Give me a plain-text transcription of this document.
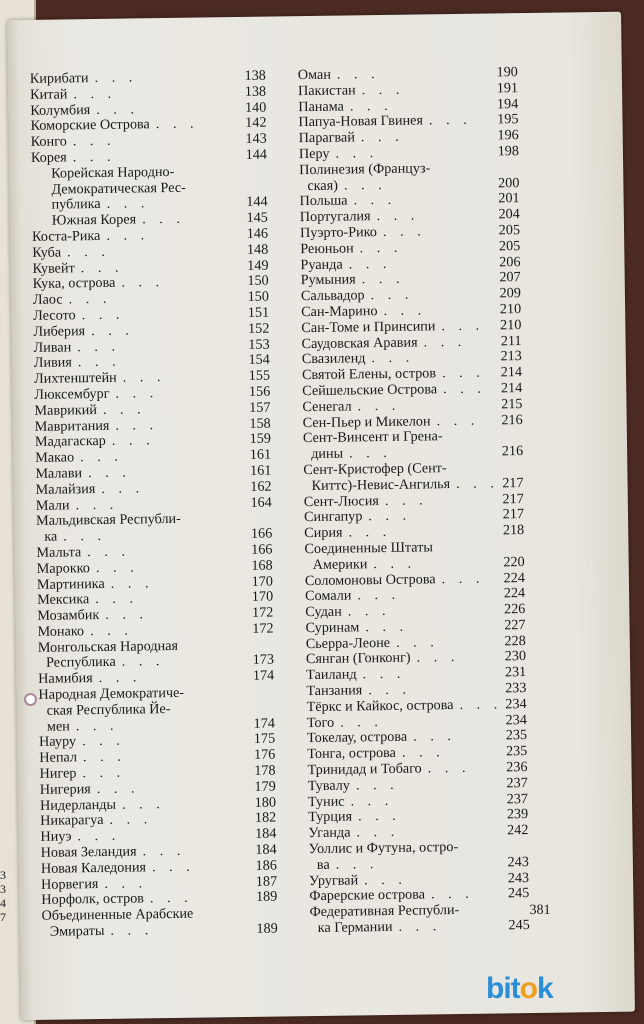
3
3
4
7
Кирибати . . .	138
Китай . . .	138
Колумбия . . .	140
Коморские Острова . . .	142
Конго . . .	143
Корея . . .	144
Корейская Народно-
Демократическая Рес-
публика . . .	144
Южная Корея . . .	145
Коста-Рика . . .	146
Куба . . .	148
Кувейт . . .	149
Кука, острова . . .	150
Лаос . . .	150
Лесото . . .	151
Либерия . . .	152
Ливан . . .	153
Ливия . . .	154
Лихтенштейн . . .	155
Люксембург . . .	156
Маврикий . . .	157
Мавритания . . .	158
Мадагаскар . . .	159
Макао . . .	161
Малави . . .	161
Малайзия . . .	162
Мали . . .	164
Мальдивская Республи-
ка . . .	166
Мальта . . .	166
Марокко . . .	168
Мартиника . . .	170
Мексика . . .	170
Мозамбик . . .	172
Монако . . .	172
Монгольская Народная
Республика . . .	173
Намибия . . .	174
Народная Демократиче-
ская Республика Йе-
мен . . .	174
Науру . . .	175
Непал . . .	176
Нигер . . .	178
Нигерия . . .	179
Нидерланды . . .	180
Никарагуа . . .	182
Ниуэ . . .	184
Новая Зеландия . . .	184
Новая Каледония . . .	186
Норвегия . . .	187
Норфолк, остров . . .	189
Объединенные Арабские
Эмираты . . .	189
Оман . . .	190
Пакистан . . .	191
Панама . . .	194
Папуа-Новая Гвинея . . . 195
Парагвай . . .	196
Перу . . .	198
Полинезия (Француз-
ская) . . .	200
Польша . . .	201
Португалия . . .	204
Пуэрто-Рико . . .	205
Реюньон . . .	205
Руанда . . .	206
Румыния . . .	207
Сальвадор . . .	209
Сан-Марино . . .	210
Сан-Томе и Принсипи . . . 210
Саудовская Аравия . . . 211
Свазиленд . . .	213
Святой Елены, остров . . . 214
Сейшельские Острова . . . 214
Сенегал . . .	215
Сен-Пьер и Микелон . . . 216
Сент-Винсент и Грена-
дины . . .	216
Сент-Кристофер (Сент-
Киттс)-Невис-Ангилья . . . 217
Сент-Люсия . . .	217
Сингапур . . .	217
Сирия . . .	218
Соединенные Штаты
Америки . . .	220
Соломоновы Острова . . . 224
Сомали . . .	224
Судан . . .	226
Суринам . . .	227
Сьерра-Леоне . . .	228
Сянган (Гонконг) . . .	230
Таиланд . . .	231
Танзания . . .	233
Тёркс и Кайкос, острова . . . 234
Того . . .	234
Токелау, острова . . .	235
Тонга, острова . . .	235
Тринидад и Тобаго . . .	236
Тувалу . . .	237
Тунис . . .	237
Турция . . .	239
Уганда . . .	242
Уоллис и Футуна, остро-
ва . . .	243
Уругвай . . .	243
Фарерские острова . . . 245
Федеративная Республи-
ка Германии . . .	245
381
bitok
